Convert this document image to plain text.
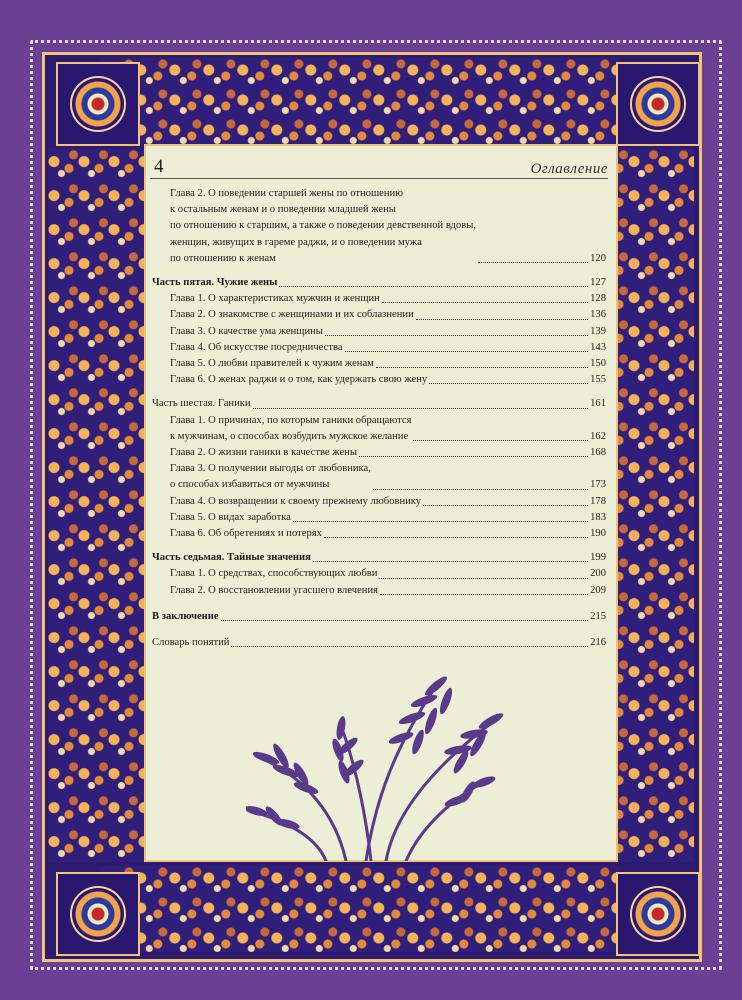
4	Оглавление
Глава 2. О поведении старшей жены по отношению
к остальным женам и о поведении младшей жены
по отношению к старшим, а также о поведении девственной вдовы,
женщин, живущих в гареме раджи, и о поведении мужа
по отношению к женам	120
Часть пятая. Чужие жены	127
Глава 1. О характеристиках мужчин и женщин	128
Глава 2. О знакомстве с женщинами и их соблазнении	136
Глава 3. О качестве ума женщины	139
Глава 4. Об искусстве посредничества	143
Глава 5. О любви правителей к чужим женам	150
Глава 6. О женах раджи и о том, как удержать свою жену	155
Часть шестая. Ганики	161
Глава 1. О причинах, по которым ганики обращаются
к мужчинам, о способах возбудить мужское желание	162
Глава 2. О жизни ганики в качестве жены	168
Глава 3. О получении выгоды от любовника,
о способах избавиться от мужчины	173
Глава 4. О возвращении к своему прежнему любовнику	178
Глава 5. О видах заработка	183
Глава 6. Об обретениях и потерях	190
Часть седьмая. Тайные значения	199
Глава 1. О средствах, способствующих любви	200
Глава 2. О восстановлении угасшего влечения	209
В заключение	215
Словарь понятий	216
